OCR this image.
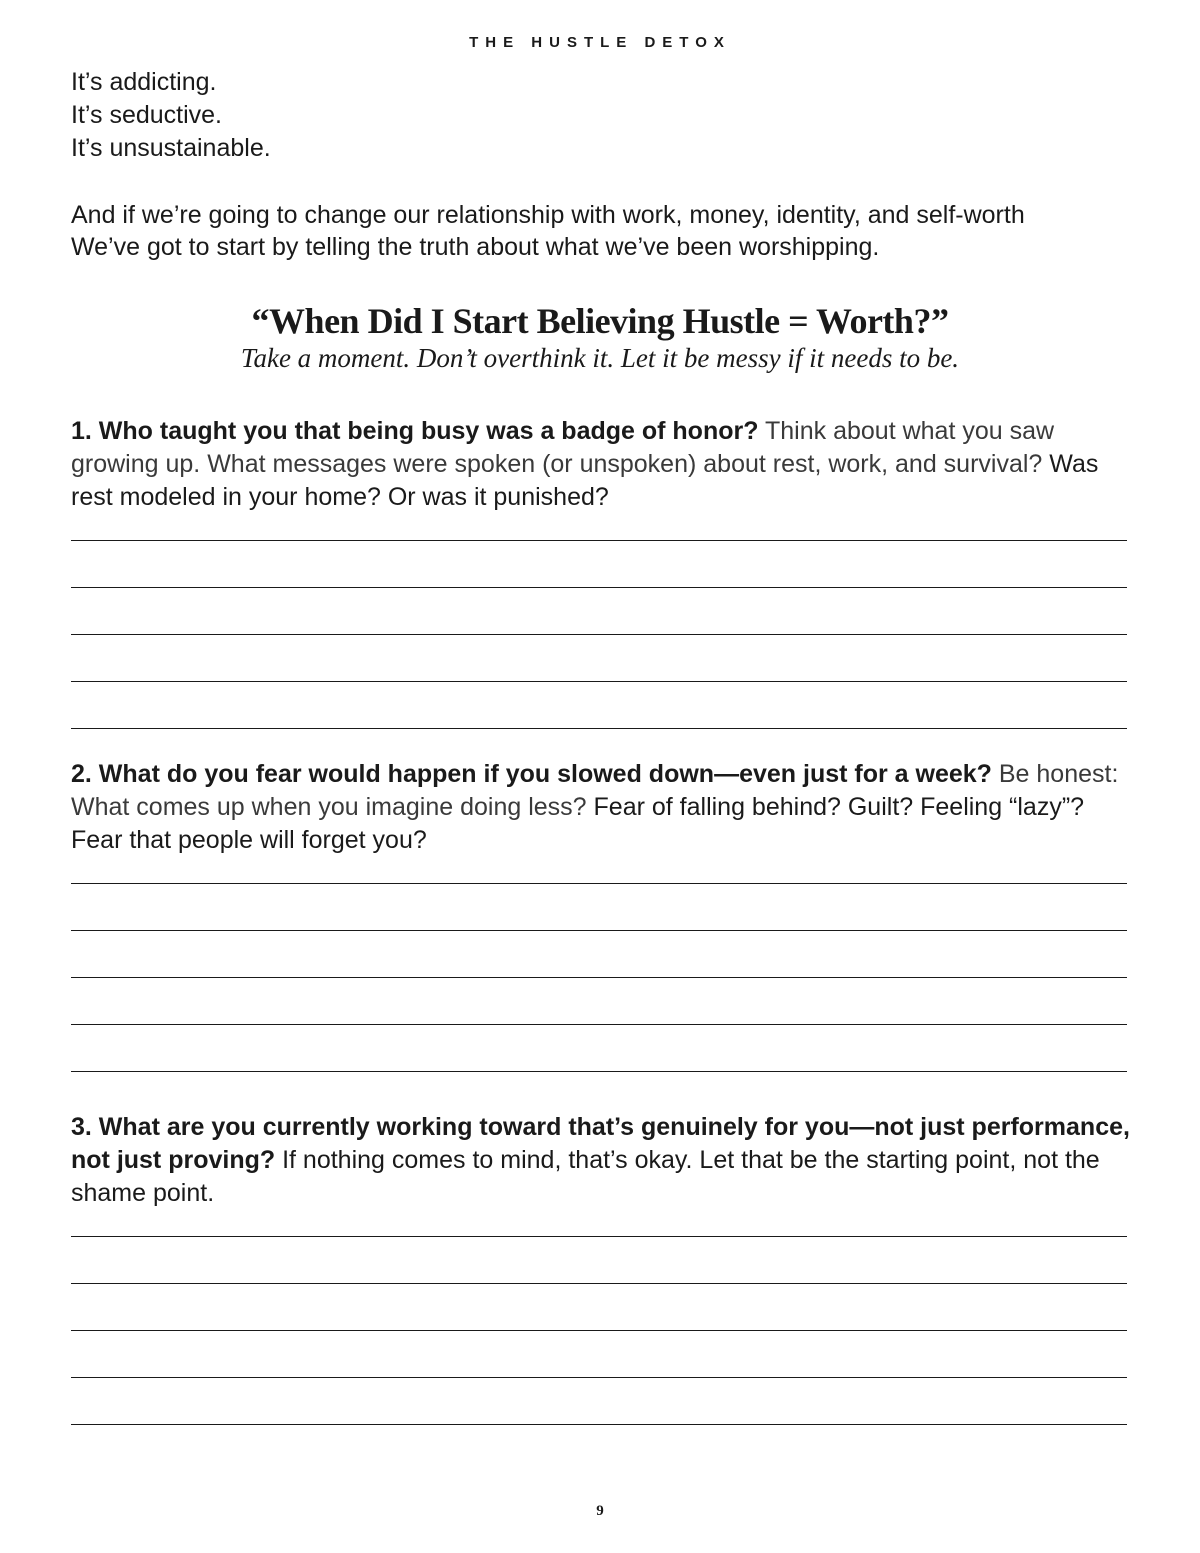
THE HUSTLE DETOX
It’s addicting.
It’s seductive.
It’s unsustainable.
And if we’re going to change our relationship with work, money, identity, and self-worth
We’ve got to start by telling the truth about what we’ve been worshipping.
“When Did I Start Believing Hustle = Worth?”
Take a moment. Don’t overthink it. Let it be messy if it needs to be.
1. Who taught you that being busy was a badge of honor? Think about what you saw growing up. What messages were spoken (or unspoken) about rest, work, and survival? Was rest modeled in your home? Or was it punished?
2. What do you fear would happen if you slowed down—even just for a week? Be honest: What comes up when you imagine doing less? Fear of falling behind? Guilt? Feeling “lazy”? Fear that people will forget you?
3. What are you currently working toward that’s genuinely for you—not just performance, not just proving? If nothing comes to mind, that’s okay. Let that be the starting point, not the shame point.
9
